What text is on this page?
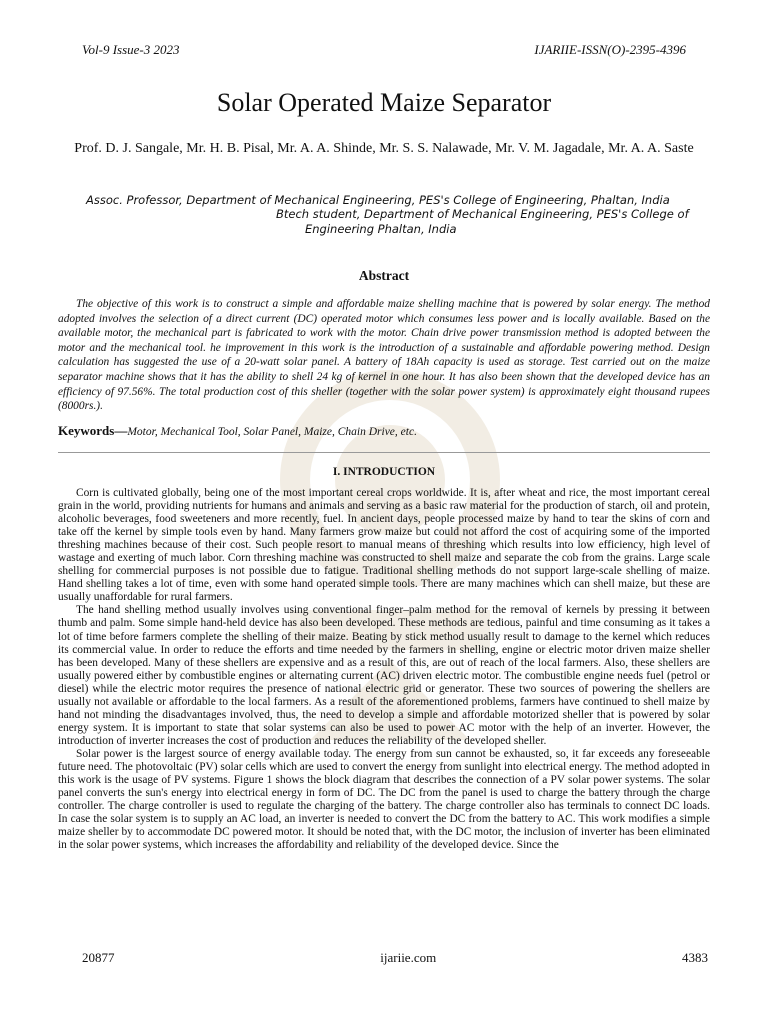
Vol-9 Issue-3 2023	IJARIIE-ISSN(O)-2395-4396
Solar Operated Maize Separator
Prof. D. J. Sangale, Mr. H. B. Pisal, Mr. A. A. Shinde, Mr. S. S. Nalawade, Mr. V. M. Jagadale, Mr. A. A. Saste
Assoc. Professor, Department of Mechanical Engineering, PES's College of Engineering, Phaltan, India
Btech student, Department of Mechanical Engineering, PES's College of
Engineering Phaltan, India
Abstract
The objective of this work is to construct a simple and affordable maize shelling machine that is powered by solar energy. The method adopted involves the selection of a direct current (DC) operated motor which consumes less power and is locally available. Based on the available motor, the mechanical part is fabricated to work with the motor. Chain drive power transmission method is adopted between the motor and the mechanical tool. he improvement in this work is the introduction of a sustainable and affordable powering method. Design calculation has suggested the use of a 20-watt solar panel. A battery of 18Ah capacity is used as storage. Test carried out on the maize separator machine shows that it has the ability to shell 24 kg of kernel in one hour. It has also been shown that the developed device has an efficiency of 97.56%. The total production cost of this sheller (together with the solar power system) is approximately eight thousand rupees (8000rs.).
Keywords—Motor, Mechanical Tool, Solar Panel, Maize, Chain Drive, etc.
I. INTRODUCTION

Corn is cultivated globally, being one of the most important cereal crops worldwide. It is, after wheat and rice, the most important cereal grain in the world, providing nutrients for humans and animals and serving as a basic raw material for the production of starch, oil and protein, alcoholic beverages, food sweeteners and more recently, fuel. In ancient days, people processed maize by hand to tear the skins of corn and take off the kernel by simple tools even by hand. Many farmers grow maize but could not afford the cost of acquiring some of the imported threshing machines because of their cost. Such people resort to manual means of threshing which results into low efficiency, high level of wastage and exerting of much labor. Corn threshing machine was constructed to shell maize and separate the cob from the grains. Large scale shelling for commercial purposes is not possible due to fatigue. Traditional shelling methods do not support large-scale shelling of maize. Hand shelling takes a lot of time, even with some hand operated simple tools. There are many machines which can shell maize, but these are usually unaffordable for rural farmers.

The hand shelling method usually involves using conventional finger–palm method for the removal of kernels by pressing it between thumb and palm. Some simple hand-held device has also been developed. These methods are tedious, painful and time consuming as it takes a lot of time before farmers complete the shelling of their maize. Beating by stick method usually result to damage to the kernel which reduces its commercial value. In order to reduce the efforts and time needed by the farmers in shelling, engine or electric motor driven maize sheller has been developed. Many of these shellers are expensive and as a result of this, are out of reach of the local farmers. Also, these shellers are usually powered either by combustible engines or alternating current (AC) driven electric motor. The combustible engine needs fuel (petrol or diesel) while the electric motor requires the presence of national electric grid or generator. These two sources of powering the shellers are usually not available or affordable to the local farmers. As a result of the aforementioned problems, farmers have continued to shell maize by hand not minding the disadvantages involved, thus, the need to develop a simple and affordable motorized sheller that is powered by solar energy system. It is important to state that solar systems can also be used to power AC motor with the help of an inverter. However, the introduction of inverter increases the cost of production and reduces the reliability of the developed sheller.

Solar power is the largest source of energy available today. The energy from sun cannot be exhausted, so, it far exceeds any foreseeable future need. The photovoltaic (PV) solar cells which are used to convert the energy from sunlight into electrical energy. The method adopted in this work is the usage of PV systems. Figure 1 shows the block diagram that describes the connection of a PV solar power systems. The solar panel converts the sun's energy into electrical energy in form of DC. The DC from the panel is used to charge the battery through the charge controller. The charge controller is used to regulate the charging of the battery. The charge controller also has terminals to connect DC loads. In case the solar system is to supply an AC load, an inverter is needed to convert the DC from the battery to AC. This work modifies a simple maize sheller by to accommodate DC powered motor. It should be noted that, with the DC motor, the inclusion of inverter has been eliminated in the solar power systems, which increases the affordability and reliability of the developed device. Since the

20877	ijariie.com	4383
